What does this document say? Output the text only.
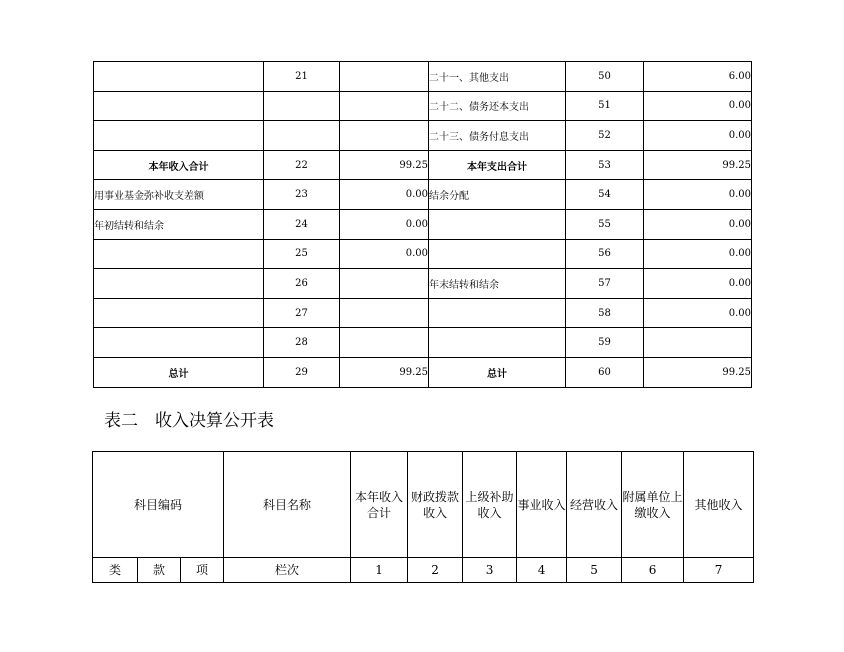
	21		二十一、其他支出	50	6.00
			二十二、债务还本支出	51	0.00
			二十三、债务付息支出	52	0.00
本年收入合计	22	99.25	本年支出合计	53	99.25
用事业基金弥补收支差额	23	0.00	结余分配	54	0.00
年初结转和结余	24	0.00		55	0.00
	25	0.00		56	0.00
	26		年末结转和结余	57	0.00
	27			58	0.00
	28			59	
总计	29	99.25	总计	60	99.25
表二　收入决算公开表
科目编码			科目名称	本年收入合计	财政拨款收入	上级补助收入	事业收入	经营收入	附属单位上缴收入	其他收入
类	款	项	栏次	1	2	3	4	5	6	7
